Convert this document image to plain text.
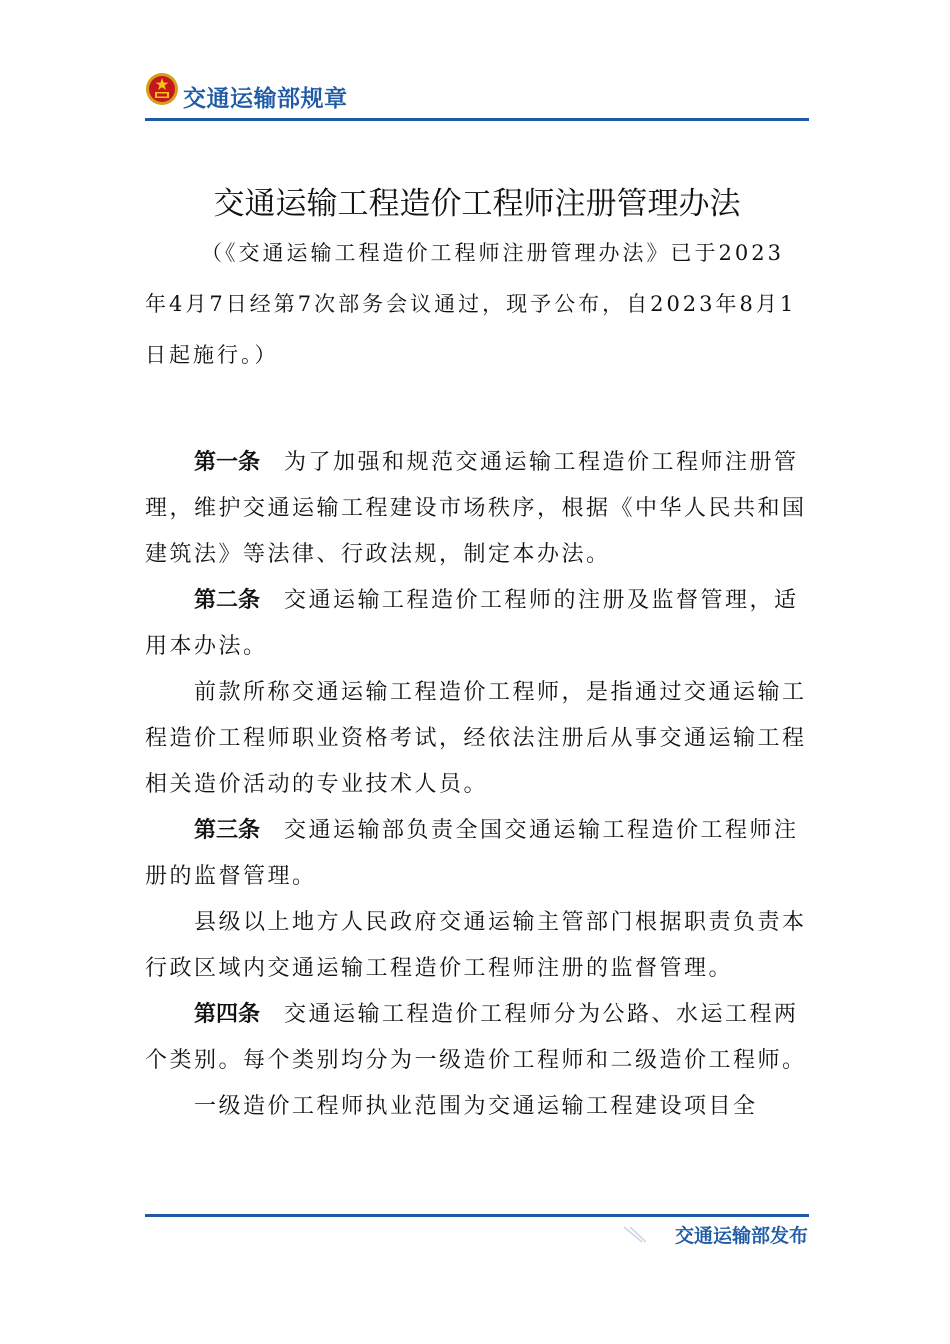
交通运输部规章
交通运输工程造价工程师注册管理办法
（《交通运输工程造价工程师注册管理办法》已于2023年4月7日经第7次部务会议通过，现予公布，自2023年8月1日起施行。）

第一条 为了加强和规范交通运输工程造价工程师注册管理，维护交通运输工程建设市场秩序，根据《中华人民共和国建筑法》等法律、行政法规，制定本办法。

第二条 交通运输工程造价工程师的注册及监督管理，适用本办法。

前款所称交通运输工程造价工程师，是指通过交通运输工程造价工程师职业资格考试，经依法注册后从事交通运输工程相关造价活动的专业技术人员。

第三条 交通运输部负责全国交通运输工程造价工程师注册的监督管理。

县级以上地方人民政府交通运输主管部门根据职责负责本行政区域内交通运输工程造价工程师注册的监督管理。

第四条 交通运输工程造价工程师分为公路、水运工程两个类别。每个类别均分为一级造价工程师和二级造价工程师。

一级造价工程师执业范围为交通运输工程建设项目全

交通运输部发布
